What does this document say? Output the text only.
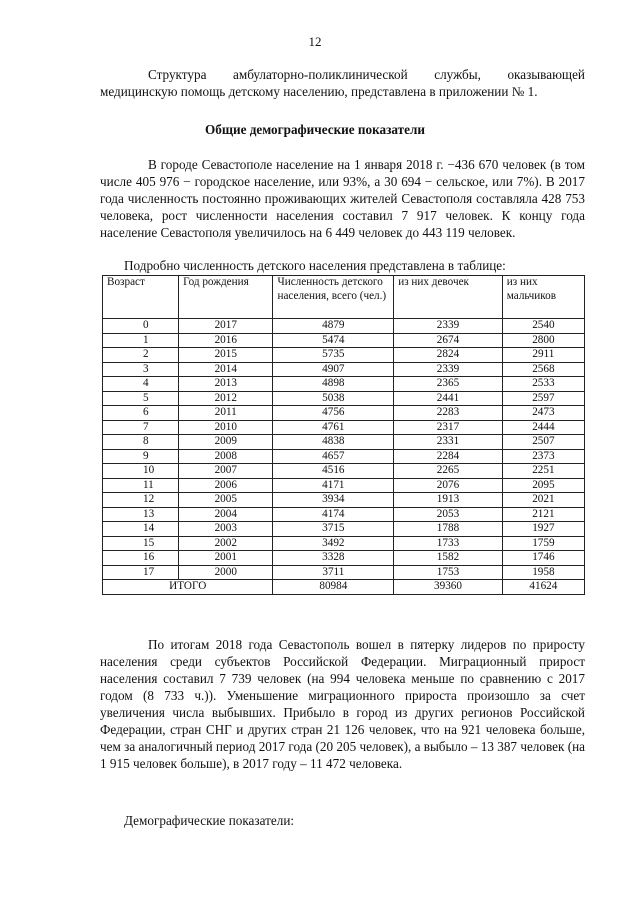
12

Структура амбулаторно-поликлинической службы, оказывающей медицинскую помощь детскому населению, представлена в приложении № 1.

Общие демографические показатели

В городе Севастополе население на 1 января 2018 г. −436 670 человек (в том числе 405 976 − городское население, или 93%, а 30 694 − сельское, или 7%). В 2017 года численность постоянно проживающих жителей Севастополя составляла 428 753 человека, рост численности населения составил 7 917 человек. К концу года население Севастополя увеличилось на 6 449 человек до 443 119 человек.

Подробно численность детского населения представлена в таблице:
Возраст	Год рождения	Численность детского населения, всего (чел.)	из них девочек	из них мальчиков
0	2017	4879	2339	2540
1	2016	5474	2674	2800
2	2015	5735	2824	2911
3	2014	4907	2339	2568
4	2013	4898	2365	2533
5	2012	5038	2441	2597
6	2011	4756	2283	2473
7	2010	4761	2317	2444
8	2009	4838	2331	2507
9	2008	4657	2284	2373
10	2007	4516	2265	2251
11	2006	4171	2076	2095
12	2005	3934	1913	2021
13	2004	4174	2053	2121
14	2003	3715	1788	1927
15	2002	3492	1733	1759
16	2001	3328	1582	1746
17	2000	3711	1753	1958
ИТОГО		80984	39360	41624

По итогам 2018 года Севастополь вошел в пятерку лидеров по приросту населения среди субъектов Российской Федерации. Миграционный прирост населения составил 7 739 человек (на 994 человека меньше по сравнению с 2017 годом (8 733 ч.)). Уменьшение миграционного прироста произошло за счет увеличения числа выбывших. Прибыло в город из других регионов Российской Федерации, стран СНГ и других стран 21 126 человек, что на 921 человека больше, чем за аналогичный период 2017 года (20 205 человек), а выбыло – 13 387 человек (на 1 915 человек больше), в 2017 году – 11 472 человека.

Демографические показатели:
